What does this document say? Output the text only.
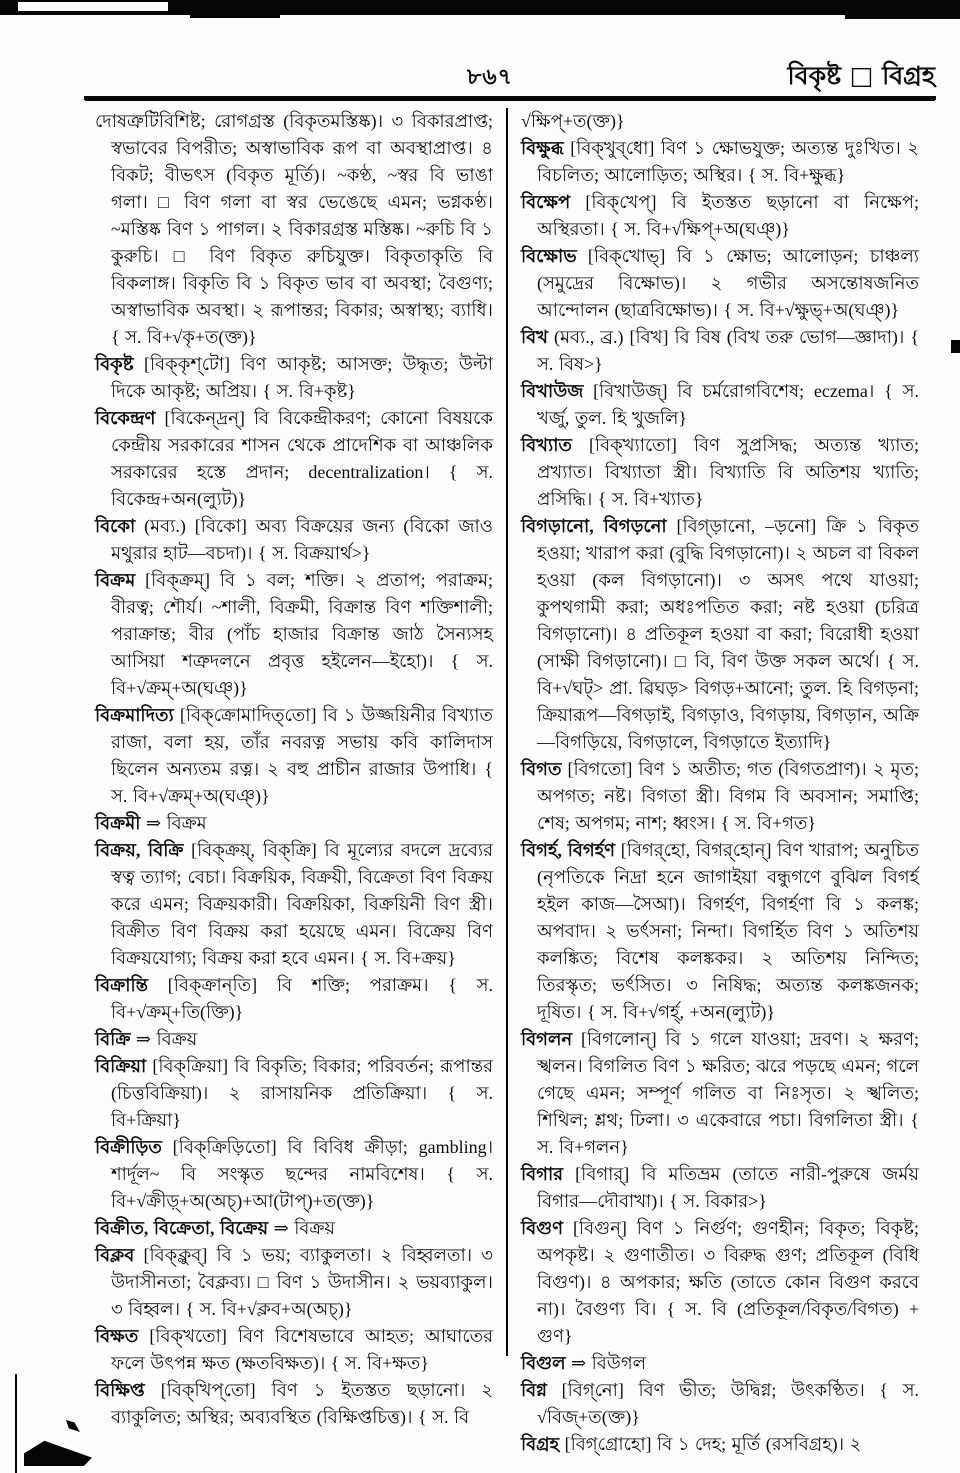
৮৬৭	বিকৃষ্ট □ বিগ্রহ

দোষত্রুটিবিশিষ্ট; রোগগ্রস্ত (বিকৃতমস্তিষ্ক)। ৩ বিকারপ্রাপ্ত; স্বভাবের বিপরীত; অস্বাভাবিক রূপ বা অবস্থাপ্রাপ্ত। ৪ বিকট; বীভৎস (বিকৃত মূর্তি)। ~কণ্ঠ, ~স্বর বি ভাঙা গলা। □ বিণ গলা বা স্বর ভেঙেছে এমন; ভগ্নকণ্ঠ। ~মস্তিষ্ক বিণ ১ পাগল। ২ বিকারগ্রস্ত মস্তিষ্ক। ~রুচি বি ১ কুরুচি। □ বিণ বিকৃত রুচিযুক্ত। বিকৃতাকৃতি বি বিকলাঙ্গ। বিকৃতি বি ১ বিকৃত ভাব বা অবস্থা; বৈগুণ্য; অস্বাভাবিক অবস্থা। ২ রূপান্তর; বিকার; অস্বাস্থ্য; ব্যাধি। { স. বি+√কৃ+ত(ক্ত)}

বিকৃষ্ট [বিক্‌কৃশ্‌টো] বিণ আকৃষ্ট; আসক্ত; উদ্ধৃত; উল্টা দিকে আকৃষ্ট; অপ্রিয়। { স. বি+কৃষ্ট}

বিকেন্দ্রণ [বিকেন্‌দ্রন্] বি বিকেন্দ্রীকরণ; কোনো বিষয়কে কেন্দ্রীয় সরকারের শাসন থেকে প্রাদেশিক বা আঞ্চলিক সরকারের হস্তে প্রদান; decentralization। { স. বিকেন্দ্র+অন(ল্যুট)}

বিকো (মব্য.) [বিকো] অব্য বিক্রয়ের জন্য (বিকো জাও মথুরার হাট—বচদা)। { স. বিক্রয়ার্থ>}

বিক্রম [বিক্‌ক্রম্] বি ১ বল; শক্তি। ২ প্রতাপ; পরাক্রম; বীরত্ব; শৌর্য। ~শালী, বিক্রমী, বিক্রান্ত বিণ শক্তিশালী; পরাক্রান্ত; বীর (পাঁচ হাজার বিক্রান্ত জাঠ সৈন্যসহ আসিয়া শত্রুদলনে প্রবৃত্ত হইলেন—ইহো)। { স. বি+√ক্রম্+অ(ঘঞ্)}

বিক্রমাদিত্য [বিক্‌ক্রোমাদিত্‌তো] বি ১ উজ্জয়িনীর বিখ্যাত রাজা, বলা হয়, তাঁর নবরত্ন সভায় কবি কালিদাস ছিলেন অন্যতম রত্ন। ২ বহু প্রাচীন রাজার উপাধি। { স. বি+√ক্রম্+অ(ঘঞ্)}

বিক্রমী ⇒ বিক্রম

বিক্রয়, বিক্রি [বিক্‌ক্রয়্, বিক্‌ক্রি] বি মূল্যের বদলে দ্রব্যের স্বত্ব ত্যাগ; বেচা। বিক্রয়িক, বিক্রয়ী, বিক্রেতা বিণ বিক্রয় করে এমন; বিক্রয়কারী। বিক্রয়িকা, বিক্রয়িনী বিণ স্ত্রী। বিক্রীত বিণ বিক্রয় করা হয়েছে এমন। বিক্রেয় বিণ বিক্রয়যোগ্য; বিক্রয় করা হবে এমন। { স. বি+ক্রয়}

বিক্রান্তি [বিক্‌ক্রান্‌তি] বি শক্তি; পরাক্রম। { স. বি+√ক্রম্+তি(ক্তি)}

বিক্রি ⇒ বিক্রয়

বিক্রিয়া [বিক্‌ক্রিয়া] বি বিকৃতি; বিকার; পরিবর্তন; রূপান্তর (চিত্তবিক্রিয়া)। ২ রাসায়নিক প্রতিক্রিয়া। { স. বি+ক্রিয়া}

বিক্রীড়িত [বিক্‌ক্রিড়িতো] বি বিবিধ ক্রীড়া; gambling। শার্দূল~ বি সংস্কৃত ছন্দের নামবিশেষ। { স. বি+√ক্রীড়্+অ(অচ্)+আ(টাপ্)+ত(ক্ত)}

বিক্রীত, বিক্রেতা, বিক্রেয় ⇒ বিক্রয়

বিক্লব [বিক্‌ক্লুব্] বি ১ ভয়; ব্যাকুলতা। ২ বিহ্বলতা। ৩ উদাসীনতা; বৈক্লব্য। □ বিণ ১ উদাসীন। ২ ভয়ব্যাকুল। ৩ বিহ্বল। { স. বি+√ক্লব+অ(অচ্)}

বিক্ষত [বিক্‌খতো] বিণ বিশেষভাবে আহত; আঘাতের ফলে উৎপন্ন ক্ষত (ক্ষতবিক্ষত)। { স. বি+ক্ষত}

বিক্ষিপ্ত [বিক্‌খিপ্‌তো] বিণ ১ ইতস্তত ছড়ানো। ২ ব্যাকুলিত; অস্থির; অব্যবস্থিত (বিক্ষিপ্তচিত্ত)। { স. বি

√ক্ষিপ্+ত(ক্ত)}

বিক্ষুব্ধ [বিক্‌খুব্‌ধো] বিণ ১ ক্ষোভযুক্ত; অত্যন্ত দুঃখিত। ২ বিচলিত; আলোড়িত; অস্থির। { স. বি+ক্ষুব্ধ}

বিক্ষেপ [বিক্‌খেপ্] বি ইতস্তত ছড়ানো বা নিক্ষেপ; অস্থিরতা। { স. বি+√ক্ষিপ্+অ(ঘঞ্)}

বিক্ষোভ [বিক্‌খোভ্] বি ১ ক্ষোভ; আলোড়ন; চাঞ্চল্য (সমুদ্রের বিক্ষোভ)। ২ গভীর অসন্তোষজনিত আন্দোলন (ছাত্রবিক্ষোভ)। { স. বি+√ক্ষুভ্+অ(ঘঞ্)}

বিখ (মব্য., ব্র.) [বিখ] বি বিষ (বিখ তরু ভোগ—জ্ঞাদা)। { স. বিষ>}

বিখাউজ [বিখাউজ্] বি চর্মরোগবিশেষ; eczema। { স. খর্জু, তুল. হি খুজলি}

বিখ্যাত [বিক্‌খ্যাতো] বিণ সুপ্রসিদ্ধ; অত্যন্ত খ্যাত; প্রখ্যাত। বিখ্যাতা স্ত্রী। বিখ্যাতি বি অতিশয় খ্যাতি; প্রসিদ্ধি। { স. বি+খ্যাত}

বিগড়ানো, বিগড়নো [বিগ্‌ড়ানো, –ড়নো] ক্রি ১ বিকৃত হওয়া; খারাপ করা (বুদ্ধি বিগড়ানো)। ২ অচল বা বিকল হওয়া (কল বিগড়ানো)। ৩ অসৎ পথে যাওয়া; কুপথগামী করা; অধঃপতিত করা; নষ্ট হওয়া (চরিত্র বিগড়ানো)। ৪ প্রতিকূল হওয়া বা করা; বিরোধী হওয়া (সাক্ষী বিগড়ানো)। □ বি, বিণ উক্ত সকল অর্থে। { স. বি+√ঘট্> প্রা. ৱিঘড়> বিগড়+আনো; তুল. হি বিগড়না; ক্রিয়ারূপ—বিগড়াই, বিগড়াও, বিগড়ায়, বিগড়ান, অক্রি—বিগড়িয়ে, বিগড়ালে, বিগড়াতে ইত্যাদি}

বিগত [বিগতো] বিণ ১ অতীত; গত (বিগতপ্রাণ)। ২ মৃত; অপগত; নষ্ট। বিগতা স্ত্রী। বিগম বি অবসান; সমাপ্তি; শেষ; অপগম; নাশ; ধ্বংস। { স. বি+গত}

বিগর্হ, বিগর্হণ [বিগর্‌হো, বিগর্‌হোন্] বিণ খারাপ; অনুচিত (নৃপতিকে নিদ্রা হনে জাগাইয়া বন্ধুগণে বুঝিল বিগর্হ হইল কাজ—সৈআ)। বিগর্হণ, বিগর্হণা বি ১ কলঙ্ক; অপবাদ। ২ ভর্ৎসনা; নিন্দা। বিগর্হিত বিণ ১ অতিশয় কলঙ্কিত; বিশেষ কলঙ্ককর। ২ অতিশয় নিন্দিত; তিরস্কৃত; ভর্ৎসিত। ৩ নিষিদ্ধ; অত্যন্ত কলঙ্কজনক; দূষিত। { স. বি+√গর্হ্, +অন(ল্যুট)}

বিগলন [বিগলোন্] বি ১ গলে যাওয়া; দ্রবণ। ২ ক্ষরণ; স্খলন। বিগলিত বিণ ১ ক্ষরিত; ঝরে পড়ছে এমন; গলে গেছে এমন; সম্পূর্ণ গলিত বা নিঃসৃত। ২ স্খলিত; শিথিল; শ্লথ; ঢিলা। ৩ একেবারে পচা। বিগলিতা স্ত্রী। { স. বি+গলন}

বিগার [বিগার্] বি মতিভ্রম (তাতে নারী-পুরুষে জর্ময় বিগার—দৌবাখা)। { স. বিকার>}

বিগুণ [বিগুন্] বিণ ১ নির্গুণ; গুণহীন; বিকৃত; বিকৃষ্ট; অপকৃষ্ট। ২ গুণাতীত। ৩ বিরুদ্ধ গুণ; প্রতিকূল (বিধি বিগুণ)। ৪ অপকার; ক্ষতি (তাতে কোন বিগুণ করবে না)। বৈগুণ্য বি। { স. বি (প্রতিকূল/বিকৃত/বিগত) + গুণ}

বিগুল ⇒ বিউগল

বিগ্ন [বিগ্‌নো] বিণ ভীত; উদ্বিগ্ন; উৎকণ্ঠিত। { স. √বিজ্+ত(ক্ত)}

বিগ্রহ [বিগ্‌গ্রোহো] বি ১ দেহ; মূর্তি (রসবিগ্রহ)। ২
